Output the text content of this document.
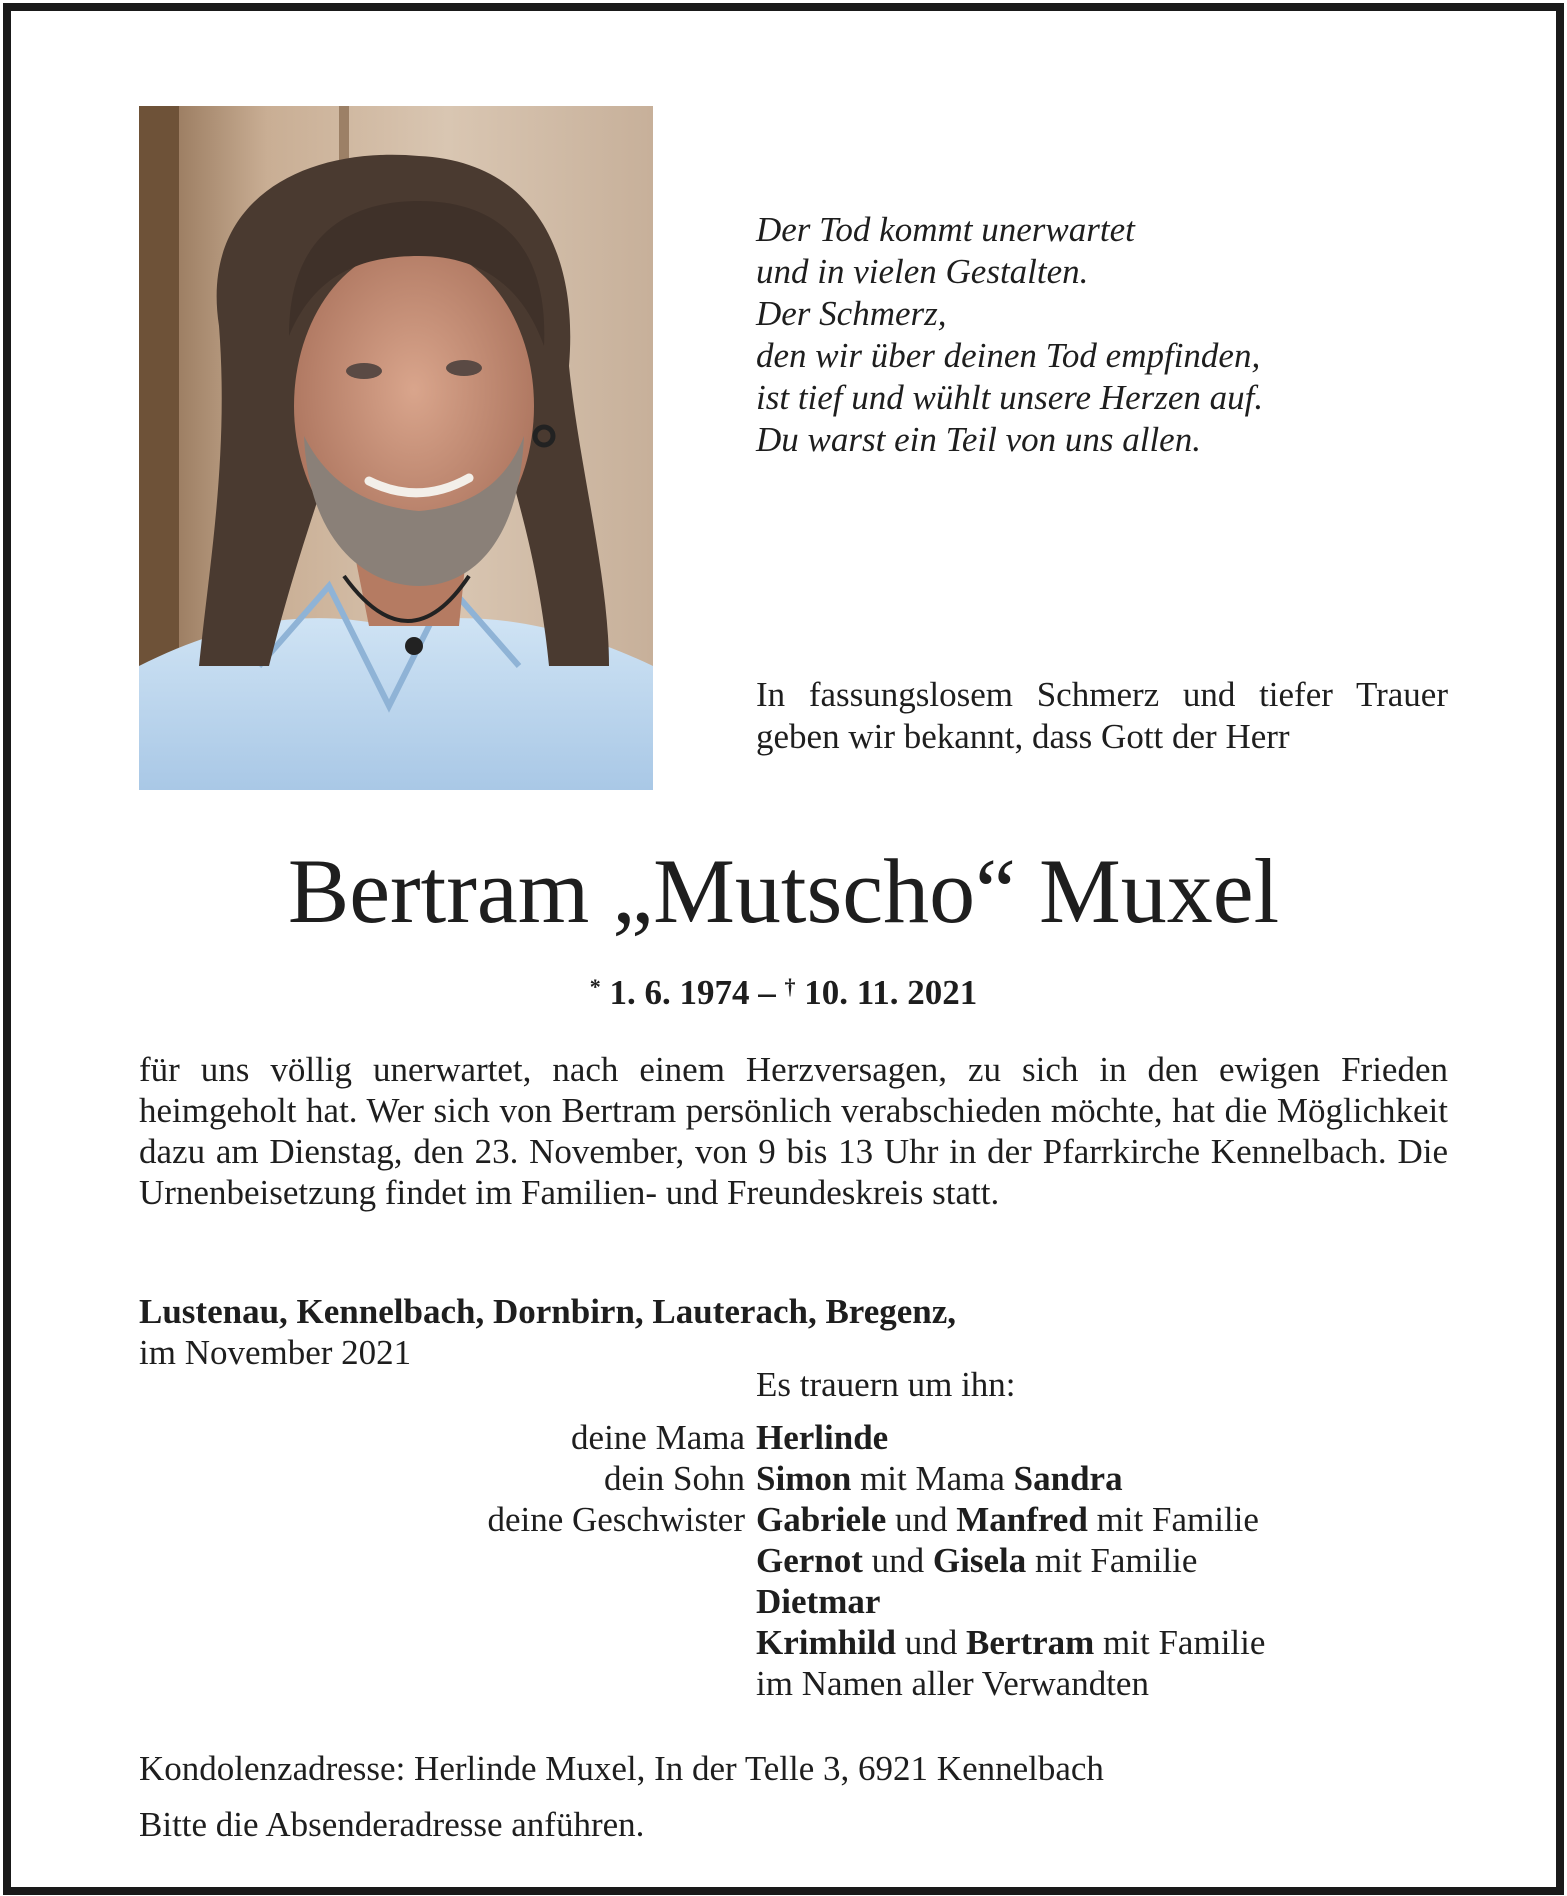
Der Tod kommt unerwartet
und in vielen Gestalten.
Der Schmerz,
den wir über deinen Tod empfinden,
ist tief und wühlt unsere Herzen auf.
Du warst ein Teil von uns allen.
In fassungslosem Schmerz und tiefer Trauer geben wir bekannt, dass Gott der Herr
Bertram „Mutscho“ Muxel
* 1. 6. 1974 – † 10. 11. 2021
für uns völlig unerwartet, nach einem Herzversagen, zu sich in den ewigen Frieden heimgeholt hat. Wer sich von Bertram persönlich verabschieden möchte, hat die Möglichkeit dazu am Dienstag, den 23. November, von 9 bis 13 Uhr in der Pfarrkirche Kennelbach. Die Urnenbeisetzung findet im Familien- und Freundeskreis statt.
Lustenau, Kennelbach, Dornbirn, Lauterach, Bregenz,
im November 2021
Es trauern um ihn:
deine Mama
dein Sohn
deine Geschwister
Herlinde
Simon mit Mama Sandra
Gabriele und Manfred mit Familie
Gernot und Gisela mit Familie
Dietmar
Krimhild und Bertram mit Familie
im Namen aller Verwandten
Kondolenzadresse: Herlinde Muxel, In der Telle 3, 6921 Kennelbach
Bitte die Absenderadresse anführen.
